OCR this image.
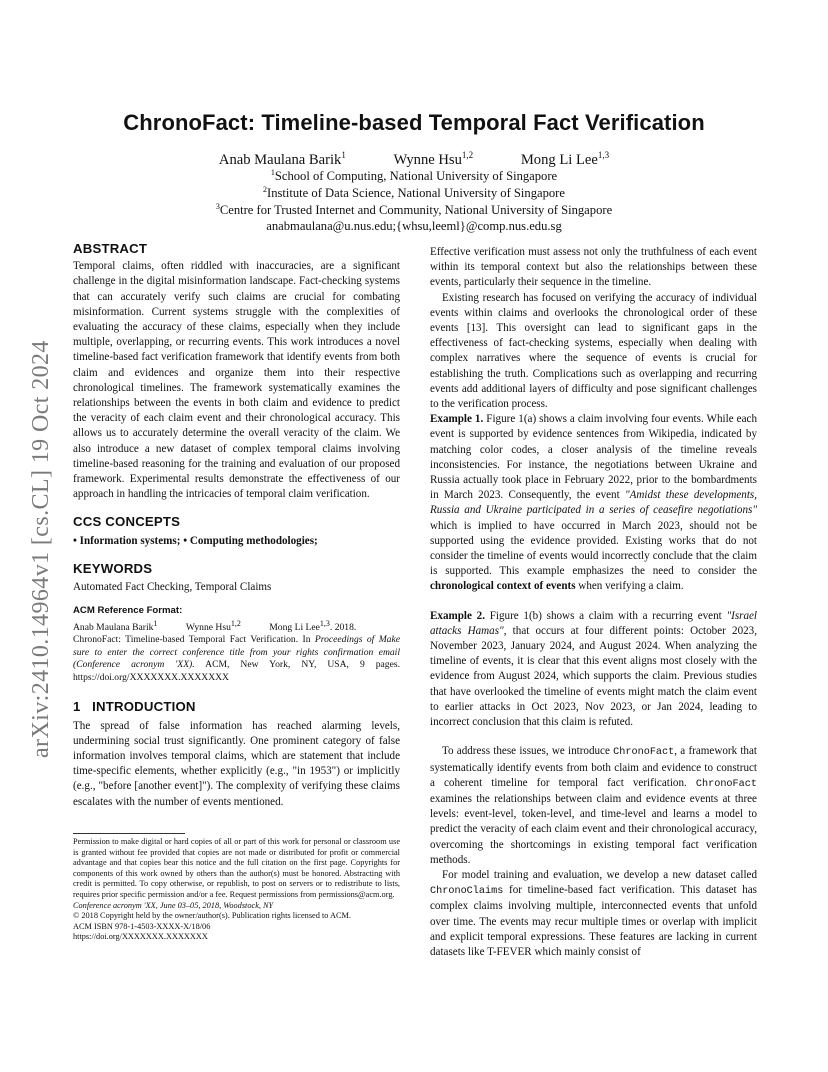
arXiv:2410.14964v1 [cs.CL] 19 Oct 2024
ChronoFact: Timeline-based Temporal Fact Verification
Anab Maulana Barik$^1$	Wynne Hsu$^{1,2}$	Mong Li Lee$^{1,3}$
$^1$School of Computing, National University of Singapore
$^2$Institute of Data Science, National University of Singapore
$^3$Centre for Trusted Internet and Community, National University of Singapore
anabmaulana@u.nus.edu;{whsu,leeml}@comp.nus.edu.sg
ABSTRACT

Temporal claims, often riddled with inaccuracies, are a significant challenge in the digital misinformation landscape. Fact-checking systems that can accurately verify such claims are crucial for combating misinformation. Current systems struggle with the complexities of evaluating the accuracy of these claims, especially when they include multiple, overlapping, or recurring events. This work introduces a novel timeline-based fact verification framework that identify events from both claim and evidences and organize them into their respective chronological timelines. The framework systematically examines the relationships between the events in both claim and evidence to predict the veracity of each claim event and their chronological accuracy. This allows us to accurately determine the overall veracity of the claim. We also introduce a new dataset of complex temporal claims involving timeline-based reasoning for the training and evaluation of our proposed framework. Experimental results demonstrate the effectiveness of our approach in handling the intricacies of temporal claim verification.

CCS CONCEPTS

• Information systems; • Computing methodologies;

KEYWORDS

Automated Fact Checking, Temporal Claims

ACM Reference Format:
Anab Maulana Barik$^1$	Wynne Hsu$^{1,2}$	Mong Li Lee$^{1,3}$. 2018.
ChronoFact: Timeline-based Temporal Fact Verification. In Proceedings of Make sure to enter the correct conference title from your rights confirmation email (Conference acronym 'XX). ACM, New York, NY, USA, 9 pages. https://doi.org/XXXXXXX.XXXXXXX
1 INTRODUCTION

The spread of false information has reached alarming levels, undermining social trust significantly. One prominent category of false information involves temporal claims, which are statement that include time-specific elements, whether explicitly (e.g., "in 1953") or implicitly (e.g., "before [another event]"). The complexity of verifying these claims escalates with the number of events mentioned.

Permission to make digital or hard copies of all or part of this work for personal or classroom use is granted without fee provided that copies are not made or distributed for profit or commercial advantage and that copies bear this notice and the full citation on the first page. Copyrights for components of this work owned by others than the author(s) must be honored. Abstracting with credit is permitted. To copy otherwise, or republish, to post on servers or to redistribute to lists, requires prior specific permission and/or a fee. Request permissions from permissions@acm.org.
Conference acronym 'XX, June 03–05, 2018, Woodstock, NY
© 2018 Copyright held by the owner/author(s). Publication rights licensed to ACM.
ACM ISBN 978-1-4503-XXXX-X/18/06
https://doi.org/XXXXXXX.XXXXXXX

Effective verification must assess not only the truthfulness of each event within its temporal context but also the relationships between these events, particularly their sequence in the timeline.

Existing research has focused on verifying the accuracy of individual events within claims and overlooks the chronological order of these events [13]. This oversight can lead to significant gaps in the effectiveness of fact-checking systems, especially when dealing with complex narratives where the sequence of events is crucial for establishing the truth. Complications such as overlapping and recurring events add additional layers of difficulty and pose significant challenges to the verification process.

Example 1. Figure 1(a) shows a claim involving four events. While each event is supported by evidence sentences from Wikipedia, indicated by matching color codes, a closer analysis of the timeline reveals inconsistencies. For instance, the negotiations between Ukraine and Russia actually took place in February 2022, prior to the bombardments in March 2023. Consequently, the event "Amidst these developments, Russia and Ukraine participated in a series of ceasefire negotiations" which is implied to have occurred in March 2023, should not be supported using the evidence provided. Existing works that do not consider the timeline of events would incorrectly conclude that the claim is supported. This example emphasizes the need to consider the chronological context of events when verifying a claim.

Example 2. Figure 1(b) shows a claim with a recurring event "Israel attacks Hamas", that occurs at four different points: October 2023, November 2023, January 2024, and August 2024. When analyzing the timeline of events, it is clear that this event aligns most closely with the evidence from August 2024, which supports the claim. Previous studies that have overlooked the timeline of events might match the claim event to earlier attacks in Oct 2023, Nov 2023, or Jan 2024, leading to incorrect conclusion that this claim is refuted.

To address these issues, we introduce ChronoFact, a framework that systematically identify events from both claim and evidence to construct a coherent timeline for temporal fact verification. ChronoFact examines the relationships between claim and evidence events at three levels: event-level, token-level, and time-level and learns a model to predict the veracity of each claim event and their chronological accuracy, overcoming the shortcomings in existing temporal fact verification methods.

For model training and evaluation, we develop a new dataset called ChronoClaims for timeline-based fact verification. This dataset has complex claims involving multiple, interconnected events that unfold over time. The events may recur multiple times or overlap with implicit and explicit temporal expressions. These features are lacking in current datasets like T-FEVER which mainly consist of
